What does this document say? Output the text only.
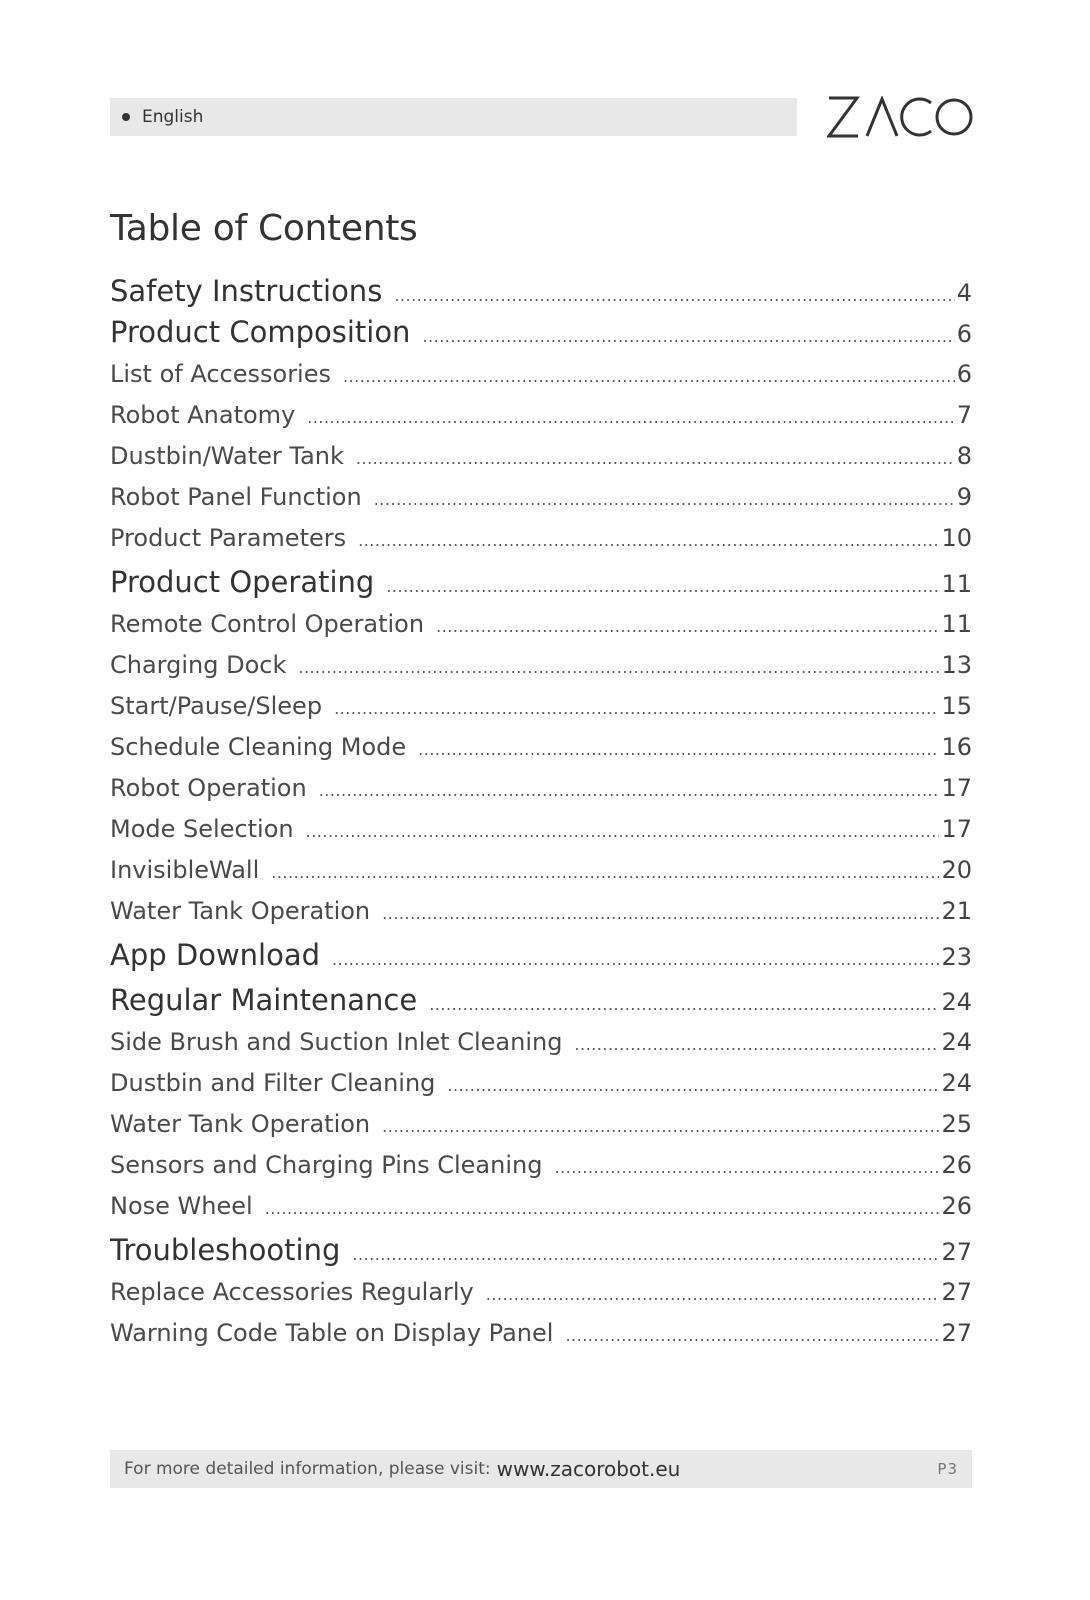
English
Table of Contents
Safety Instructions .....	4
Product Composition .....	6
List of Accessories .....	6
Robot Anatomy .....	7
Dustbin/Water Tank .....	8
Robot Panel Function .....	9
Product Parameters .....	10
Product Operating .....	11
Remote Control Operation .....	11
Charging Dock .....	13
Start/Pause/Sleep .....	15
Schedule Cleaning Mode .....	16
Robot Operation .....	17
Mode Selection .....	17
InvisibleWall .....	20
Water Tank Operation .....	21
App Download .....	23
Regular Maintenance .....	24
Side Brush and Suction Inlet Cleaning .....	24
Dustbin and Filter Cleaning .....	24
Water Tank Operation .....	25
Sensors and Charging Pins Cleaning .....	26
Nose Wheel .....	26
Troubleshooting .....	27
Replace Accessories Regularly .....	27
Warning Code Table on Display Panel .....	27
For more detailed information, please visit: www.zacorobot.eu	P3
